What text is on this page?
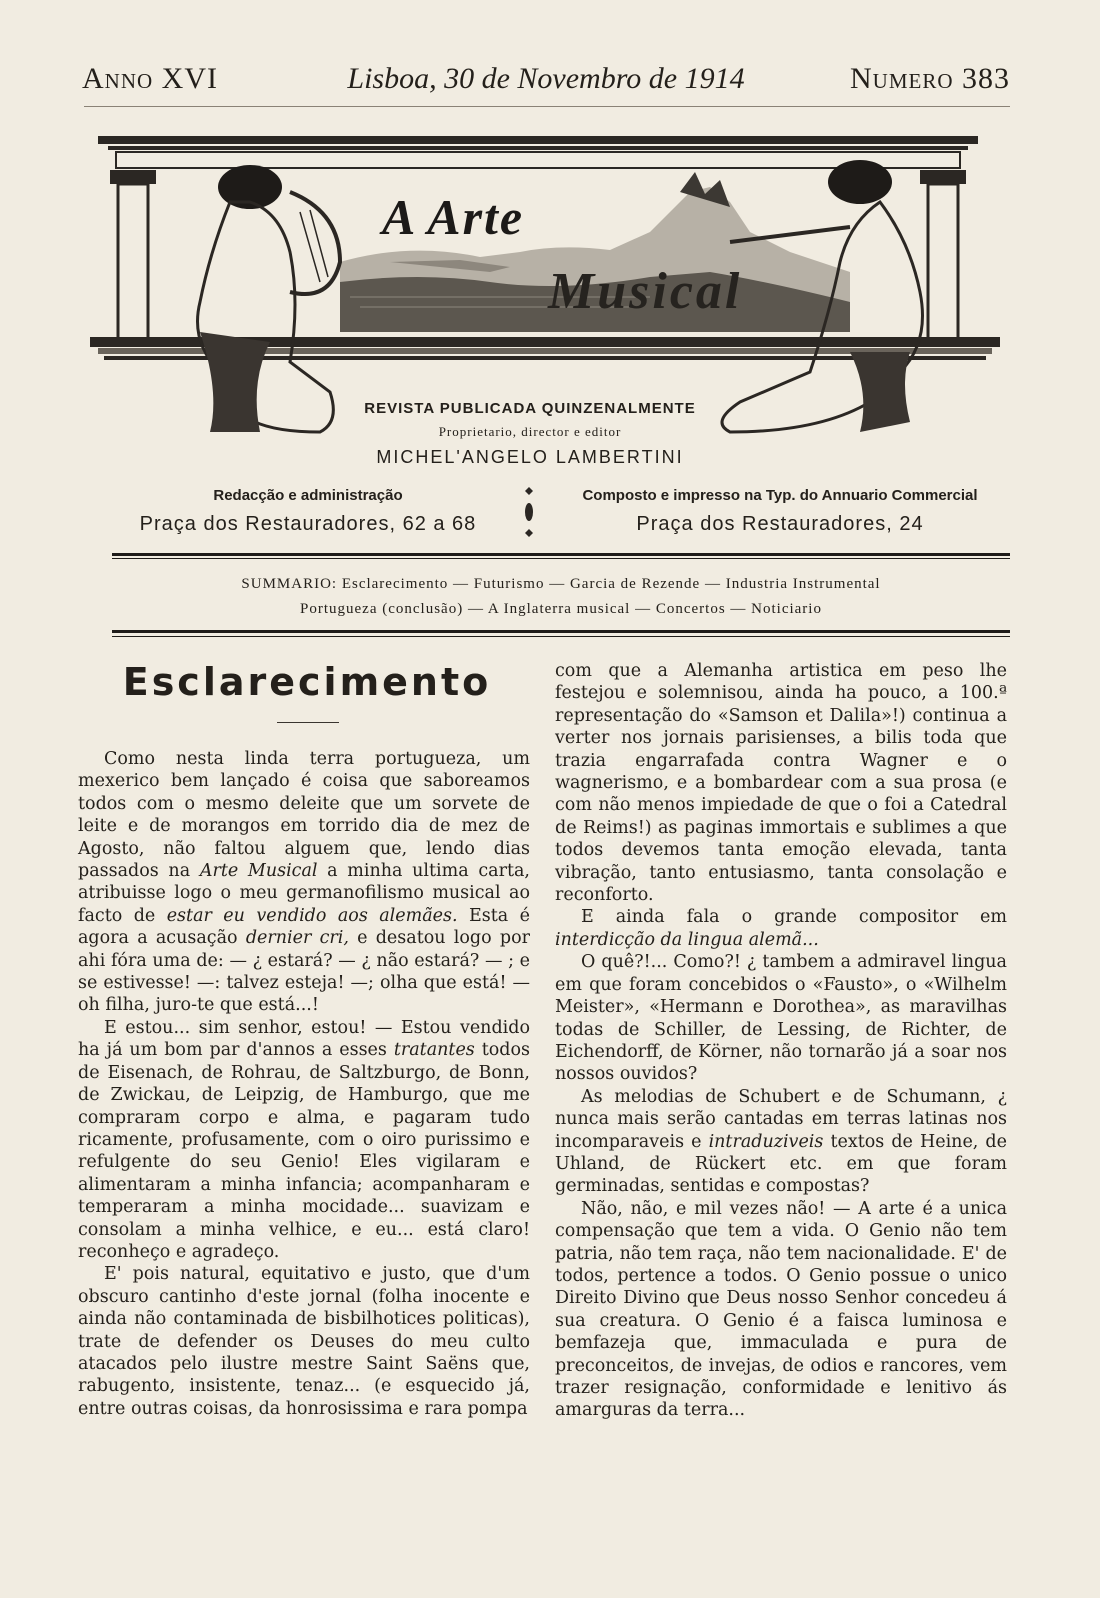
Anno XVI	Lisboa, 30 de Novembro de 1914	Numero 383
A Arte
Musical
REVISTA PUBLICADA QUINZENALMENTE
Proprietario, director e editor
MICHEL'ANGELO LAMBERTINI
Redacção e administração
Praça dos Restauradores, 62 a 68
Composto e impresso na Typ. do Annuario Commercial
Praça dos Restauradores, 24
SUMMARIO: Esclarecimento — Futurismo — Garcia de Rezende — Industria Instrumental
Portugueza (conclusão) — A Inglaterra musical — Concertos — Noticiario
Esclarecimento

Como nesta linda terra portugueza, um mexerico bem lançado é coisa que saboreamos todos com o mesmo deleite que um sorvete de leite e de morangos em torrido dia de mez de Agosto, não faltou alguem que, lendo dias passados na Arte Musical a minha ultima carta, atribuisse logo o meu germanofilismo musical ao facto de estar eu vendido aos alemães. Esta é agora a acusação dernier cri, e desatou logo por ahi fóra uma de: — ¿ estará? — ¿ não estará? — ; e se estivesse! —: talvez esteja! —; olha que está! — oh filha, juro-te que está...!

E estou... sim senhor, estou! — Estou vendido ha já um bom par d'annos a esses tratantes todos de Eisenach, de Rohrau, de Saltzburgo, de Bonn, de Zwickau, de Leipzig, de Hamburgo, que me compraram corpo e alma, e pagaram tudo ricamente, profusamente, com o oiro purissimo e refulgente do seu Genio! Eles vigilaram e alimentaram a minha infancia; acompanharam e temperaram a minha mocidade... suavizam e consolam a minha velhice, e eu... está claro! reconheço e agradeço.

E' pois natural, equitativo e justo, que d'um obscuro cantinho d'este jornal (folha inocente e ainda não contaminada de bisbilhotices politicas), trate de defender os Deuses do meu culto atacados pelo ilustre mestre Saint Saëns que, rabugento, insistente, tenaz... (e esquecido já, entre outras coisas, da honrosissima e rara pompa

com que a Alemanha artistica em peso lhe festejou e solemnisou, ainda ha pouco, a 100.ª representação do «Samson et Dalila»!) continua a verter nos jornais parisienses, a bilis toda que trazia engarrafada contra Wagner e o wagnerismo, e a bombardear com a sua prosa (e com não menos impiedade de que o foi a Catedral de Reims!) as paginas immortais e sublimes a que todos devemos tanta emoção elevada, tanta vibração, tanto entusiasmo, tanta consolação e reconforto.

E ainda fala o grande compositor em interdicção da lingua alemã...

O quê?!... Como?! ¿ tambem a admiravel lingua em que foram concebidos o «Fausto», o «Wilhelm Meister», «Hermann e Dorothea», as maravilhas todas de Schiller, de Lessing, de Richter, de Eichendorff, de Körner, não tornarão já a soar nos nossos ouvidos?

As melodias de Schubert e de Schumann, ¿ nunca mais serão cantadas em terras latinas nos incomparaveis e intraduziveis textos de Heine, de Uhland, de Rückert etc. em que foram germinadas, sentidas e compostas?

Não, não, e mil vezes não! — A arte é a unica compensação que tem a vida. O Genio não tem patria, não tem raça, não tem nacionalidade. E' de todos, pertence a todos. O Genio possue o unico Direito Divino que Deus nosso Senhor concedeu á sua creatura. O Genio é a faisca luminosa e bemfazeja que, immaculada e pura de preconceitos, de invejas, de odios e rancores, vem trazer resignação, conformidade e lenitivo ás amarguras da terra...
